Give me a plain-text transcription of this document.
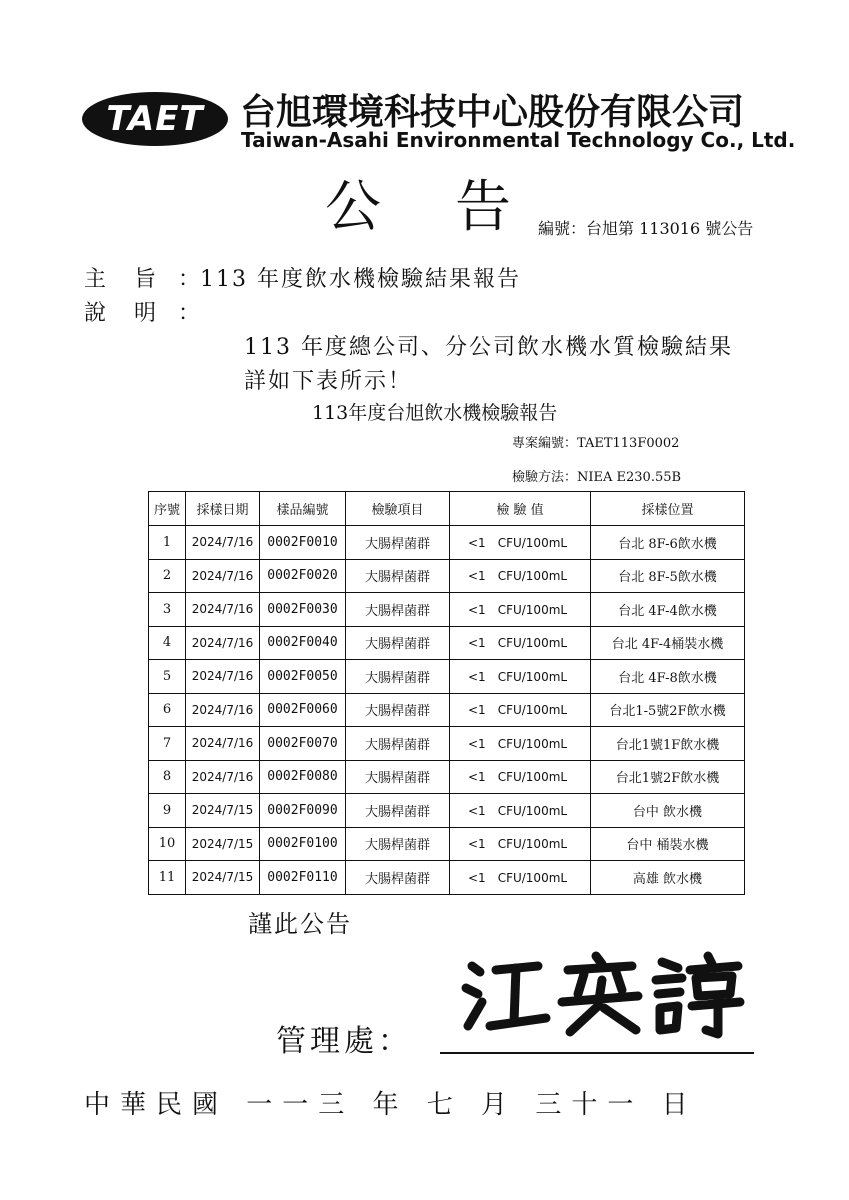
TAET 台旭環境科技中心股份有限公司
Taiwan-Asahi Environmental Technology Co., Ltd.
公告
編號：台旭第 113016 號公告
主旨
： 113 年度飲水機檢驗結果報告
說明
：
113 年度總公司、分公司飲水機水質檢驗結果
詳如下表所示！
113年度台旭飲水機檢驗報告
專案編號：TAET113F0002
檢驗方法：NIEA E230.55B
序號	採樣日期	樣品編號	檢驗項目	檢 驗 值	採樣位置
1	2024/7/16	0002F0010	大腸桿菌群	<1　CFU/100mL	台北 8F-6飲水機
2	2024/7/16	0002F0020	大腸桿菌群	<1　CFU/100mL	台北 8F-5飲水機
3	2024/7/16	0002F0030	大腸桿菌群	<1　CFU/100mL	台北 4F-4飲水機
4	2024/7/16	0002F0040	大腸桿菌群	<1　CFU/100mL	台北 4F-4桶裝水機
5	2024/7/16	0002F0050	大腸桿菌群	<1　CFU/100mL	台北 4F-8飲水機
6	2024/7/16	0002F0060	大腸桿菌群	<1　CFU/100mL	台北1-5號2F飲水機
7	2024/7/16	0002F0070	大腸桿菌群	<1　CFU/100mL	台北1號1F飲水機
8	2024/7/16	0002F0080	大腸桿菌群	<1　CFU/100mL	台北1號2F飲水機
9	2024/7/15	0002F0090	大腸桿菌群	<1　CFU/100mL	台中 飲水機
10	2024/7/15	0002F0100	大腸桿菌群	<1　CFU/100mL	台中 桶裝水機
11	2024/7/15	0002F0110	大腸桿菌群	<1　CFU/100mL	高雄 飲水機
謹此公告
管理處：
中華民國 一一三 年 七 月 三十一 日
